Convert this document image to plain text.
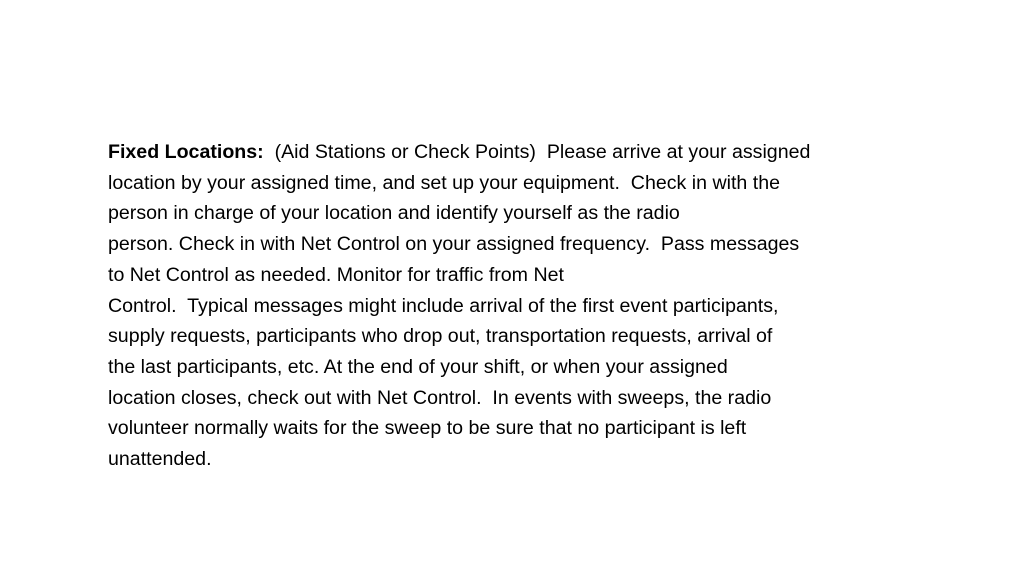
Fixed Locations:  (Aid Stations or Check Points)  Please arrive at your assigned
location by your assigned time, and set up your equipment.  Check in with the
person in charge of your location and identify yourself as the radio
person. Check in with Net Control on your assigned frequency.  Pass messages
to Net Control as needed. Monitor for traffic from Net
Control.  Typical messages might include arrival of the first event participants,
supply requests, participants who drop out, transportation requests, arrival of
the last participants, etc. At the end of your shift, or when your assigned
location closes, check out with Net Control.  In events with sweeps, the radio
volunteer normally waits for the sweep to be sure that no participant is left
unattended.
